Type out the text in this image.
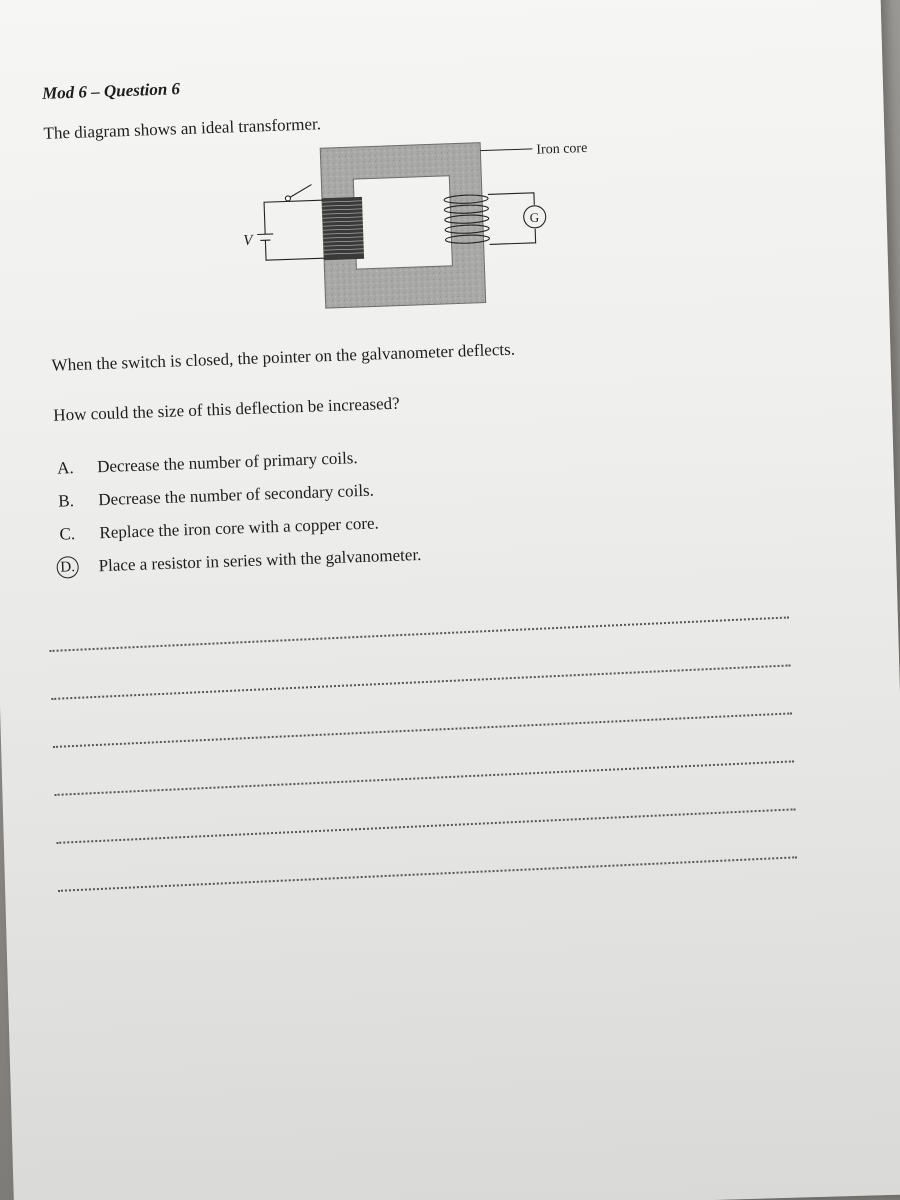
Mod 6 – Question 6
The diagram shows an ideal transformer.
Iron core
V
G
When the switch is closed, the pointer on the galvanometer deflects.
How could the size of this deflection be increased?
A.	Decrease the number of primary coils.
B.	Decrease the number of secondary coils.
C.	Replace the iron core with a copper core.
D. Place a resistor in series with the galvanometer.
